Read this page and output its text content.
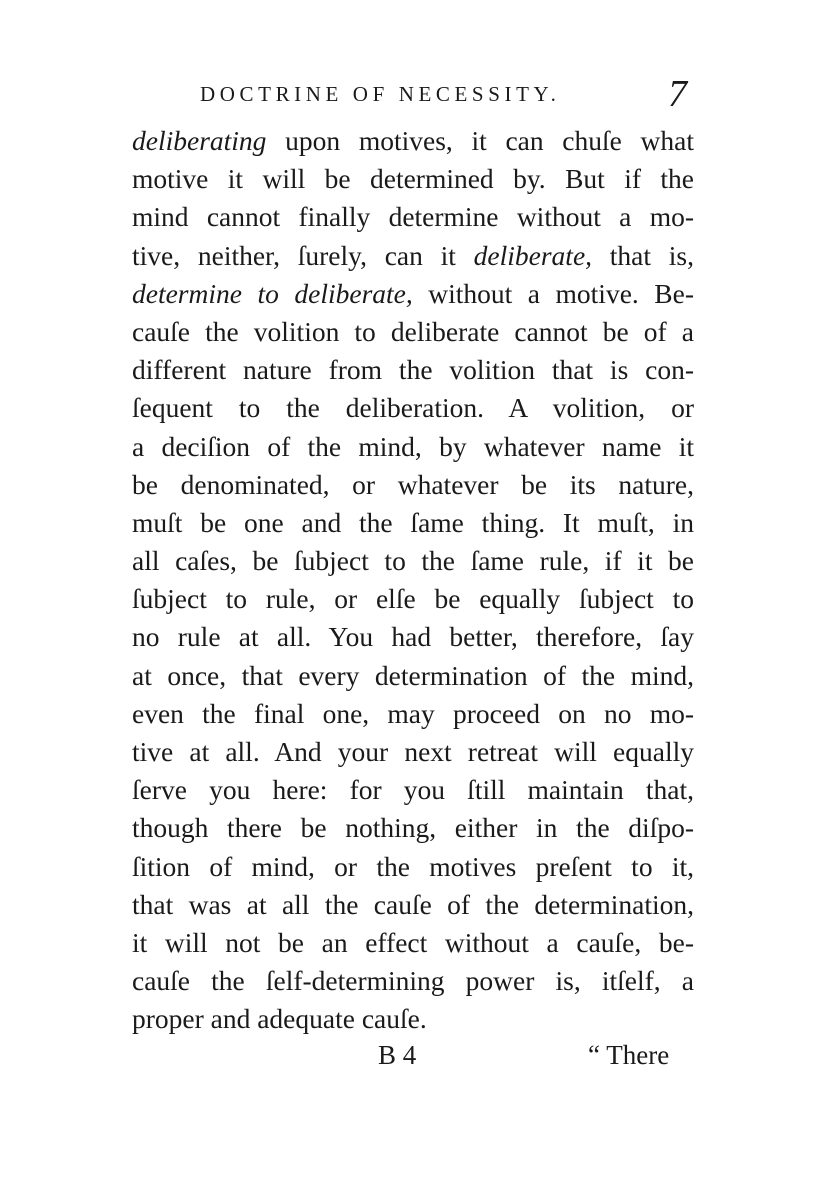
DOCTRINE OF NECESSITY.	7
deliberating upon motives, it can chuſe what
motive it will be determined by. But if the
mind cannot finally determine without a mo-
tive, neither, ſurely, can it deliberate, that is,
determine to deliberate, without a motive. Be-
cauſe the volition to deliberate cannot be of a
different nature from the volition that is con-
ſequent to the deliberation. A volition, or
a deciſion of the mind, by whatever name it
be denominated, or whatever be its nature,
muſt be one and the ſame thing. It muſt, in
all caſes, be ſubject to the ſame rule, if it be
ſubject to rule, or elſe be equally ſubject to
no rule at all. You had better, therefore, ſay
at once, that every determination of the mind,
even the final one, may proceed on no mo-
tive at all. And your next retreat will equally
ſerve you here: for you ſtill maintain that,
though there be nothing, either in the diſpo-
ſition of mind, or the motives preſent to it,
that was at all the cauſe of the determination,
it will not be an effect without a cauſe, be-
cauſe the ſelf-determining power is, itſelf, a
proper and adequate cauſe.
B 4	“ There
